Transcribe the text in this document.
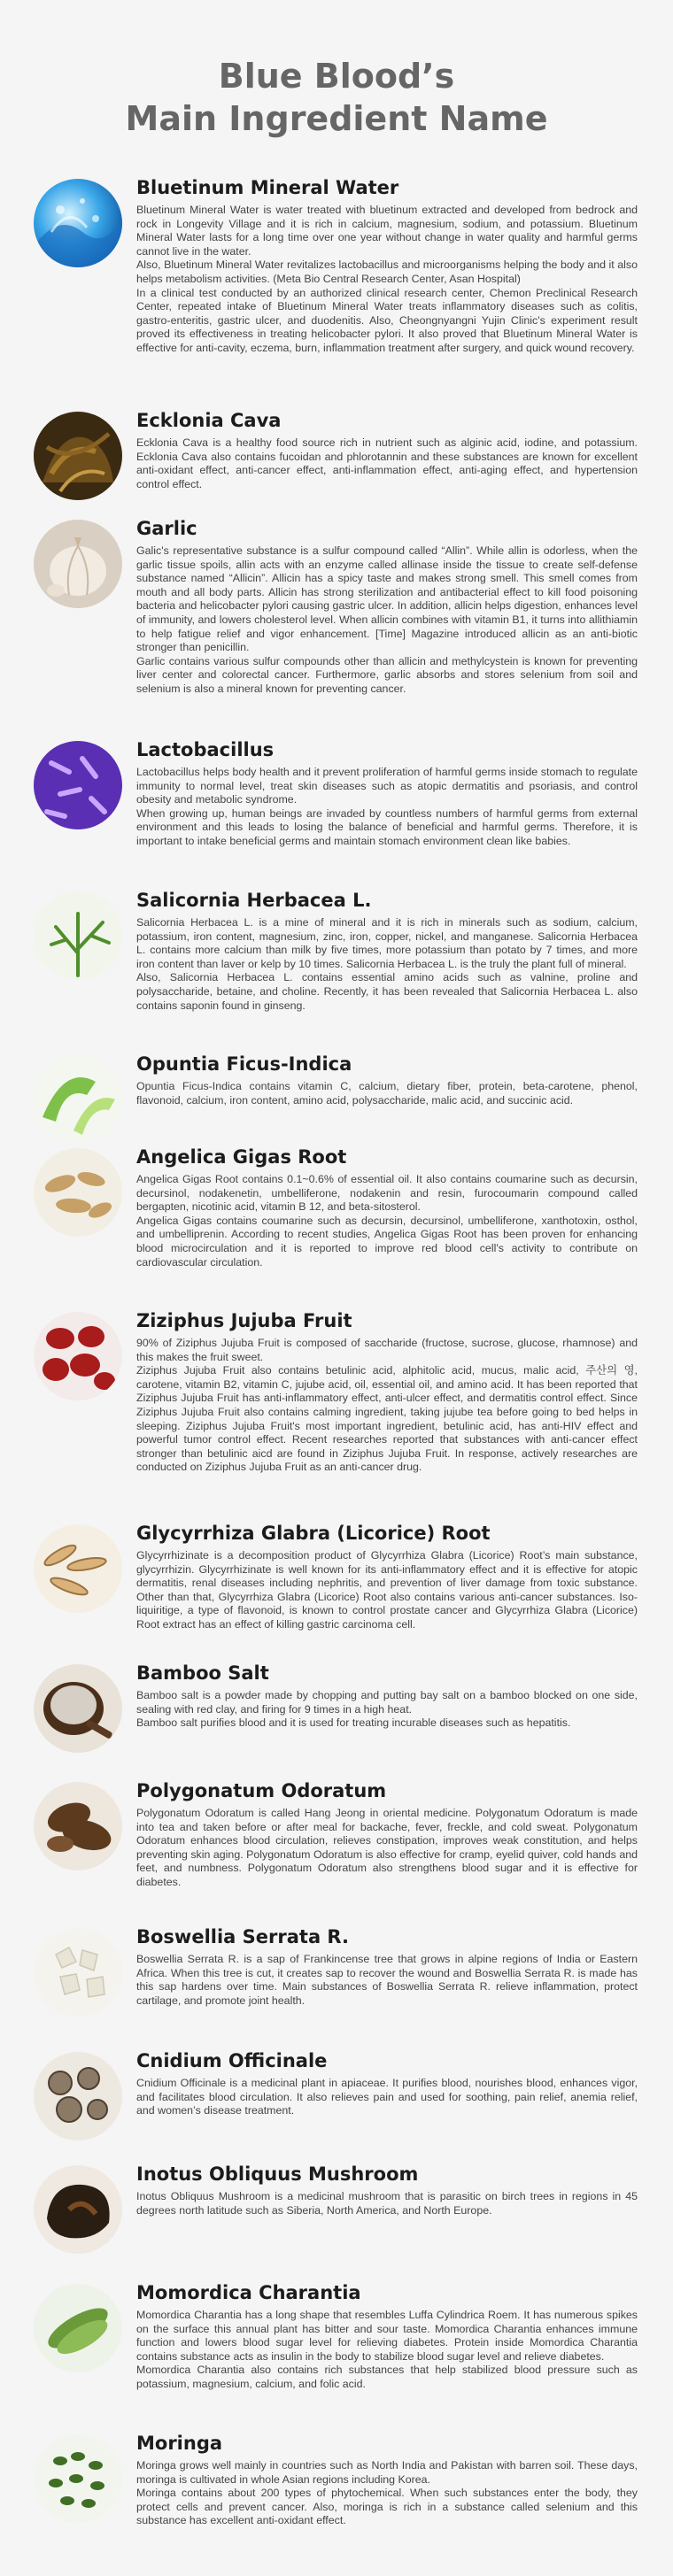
Blue Blood’s
Main Ingredient Name
Bluetinum Mineral Water

Bluetinum Mineral Water is water treated with bluetinum extracted and developed from bedrock and rock in Longevity Village and it is rich in calcium, magnesium, sodium, and potassium. Bluetinum Mineral Water lasts for a long time over one year without change in water quality and harmful germs cannot live in the water.
Also, Bluetinum Mineral Water revitalizes lactobacillus and microorganisms helping the body and it also helps metabolism activities. (Meta Bio Central Research Center, Asan Hospital)
In a clinical test conducted by an authorized clinical research center, Chemon Preclinical Research Center, repeated intake of Bluetinum Mineral Water treats inflammatory diseases such as colitis, gastro-enteritis, gastric ulcer, and duodenitis. Also, Cheongnyangni Yujin Clinic's experiment result proved its effectiveness in treating helicobacter pylori. It also proved that Bluetinum Mineral Water is effective for anti-cavity, eczema, burn, inflammation treatment after surgery, and quick wound recovery.

Ecklonia Cava

Ecklonia Cava is a healthy food source rich in nutrient such as alginic acid, iodine, and potassium. Ecklonia Cava also contains fucoidan and phlorotannin and these substances are known for excellent anti-oxidant effect, anti-cancer effect, anti-inflammation effect, anti-aging effect, and hypertension control effect.

Garlic

Galic's representative substance is a sulfur compound called “Allin”. While allin is odorless, when the garlic tissue spoils, allin acts with an enzyme called allinase inside the tissue to create self-defense substance named “Allicin”. Allicin has a spicy taste and makes strong smell. This smell comes from mouth and all body parts. Allicin has strong sterilization and antibacterial effect to kill food poisoning bacteria and helicobacter pylori causing gastric ulcer. In addition, allicin helps digestion, enhances level of immunity, and lowers cholesterol level. When allicin combines with vitamin B1, it turns into allithiamin to help fatigue relief and vigor enhancement. [Time] Magazine introduced allicin as an anti-biotic stronger than penicillin.
Garlic contains various sulfur compounds other than allicin and methylcystein is known for preventing liver center and colorectal cancer. Furthermore, garlic absorbs and stores selenium from soil and selenium is also a mineral known for preventing cancer.

Lactobacillus

Lactobacillus helps body health and it prevent proliferation of harmful germs inside stomach to regulate immunity to normal level, treat skin diseases such as atopic dermatitis and psoriasis, and control obesity and metabolic syndrome.
When growing up, human beings are invaded by countless numbers of harmful germs from external environment and this leads to losing the balance of beneficial and harmful germs. Therefore, it is important to intake beneficial germs and maintain stomach environment clean like babies.

Salicornia Herbacea L.

Salicornia Herbacea L. is a mine of mineral and it is rich in minerals such as sodium, calcium, potassium, iron content, magnesium, zinc, iron, copper, nickel, and manganese. Salicornia Herbacea L. contains more calcium than milk by five times, more potassium than potato by 7 times, and more iron content than laver or kelp by 10 times. Salicornia Herbacea L. is the truly the plant full of mineral.
Also, Salicornia Herbacea L. contains essential amino acids such as valnine, proline and polysaccharide, betaine, and choline. Recently, it has been revealed that Salicornia Herbacea L. also contains saponin found in ginseng.

Opuntia Ficus-Indica

Opuntia Ficus-Indica contains vitamin C, calcium, dietary fiber, protein, beta-carotene, phenol, flavonoid, calcium, iron content, amino acid, polysaccharide, malic acid, and succinic acid.

Angelica Gigas Root

Angelica Gigas Root contains 0.1~0.6% of essential oil. It also contains coumarine such as decursin, decursinol, nodakenetin, umbelliferone, nodakenin and resin, furocoumarin compound called bergapten, nicotinic acid, vitamin B 12, and beta-sitosterol.
Angelica Gigas contains coumarine such as decursin, decursinol, umbelliferone, xanthotoxin, osthol, and umbelliprenin. According to recent studies, Angelica Gigas Root has been proven for enhancing blood microcirculation and it is reported to improve red blood cell's activity to contribute on cardiovascular circulation.

Ziziphus Jujuba Fruit

90% of Ziziphus Jujuba Fruit is composed of saccharide (fructose, sucrose, glucose, rhamnose) and this makes the fruit sweet.
Ziziphus Jujuba Fruit also contains betulinic acid, alphitolic acid, mucus, malic acid, 주산의 영, carotene, vitamin B2, vitamin C, jujube acid, oil, essential oil, and amino acid. It has been reported that Ziziphus Jujuba Fruit has anti-inflammatory effect, anti-ulcer effect, and dermatitis control effect. Since Ziziphus Jujuba Fruit also contains calming ingredient, taking jujube tea before going to bed helps in sleeping. Ziziphus Jujuba Fruit's most important ingredient, betulinic acid, has anti-HIV effect and powerful tumor control effect. Recent researches reported that substances with anti-cancer effect stronger than betulinic aicd are found in Ziziphus Jujuba Fruit. In response, actively researches are conducted on Ziziphus Jujuba Fruit as an anti-cancer drug.

Glycyrrhiza Glabra (Licorice) Root

Glycyrrhizinate is a decomposition product of Glycyrrhiza Glabra (Licorice) Root’s main substance, glycyrrhizin. Glycyrrhizinate is well known for its anti-inflammatory effect and it is effective for atopic dermatitis, renal diseases including nephritis, and prevention of liver damage from toxic substance. Other than that, Glycyrrhiza Glabra (Licorice) Root also contains various anti-cancer substances. Iso-liquiritige, a type of flavonoid, is known to control prostate cancer and Glycyrrhiza Glabra (Licorice) Root extract has an effect of killing gastric carcinoma cell.

Bamboo Salt

Bamboo salt is a powder made by chopping and putting bay salt on a bamboo blocked on one side, sealing with red clay, and firing for 9 times in a high heat.
Bamboo salt purifies blood and it is used for treating incurable diseases such as hepatitis.

Polygonatum Odoratum

Polygonatum Odoratum is called Hang Jeong in oriental medicine. Polygonatum Odoratum is made into tea and taken before or after meal for backache, fever, freckle, and cold sweat. Polygonatum Odoratum enhances blood circulation, relieves constipation, improves weak constitution, and helps preventing skin aging. Polygonatum Odoratum is also effective for cramp, eyelid quiver, cold hands and feet, and numbness. Polygonatum Odoratum also strengthens blood sugar and it is effective for diabetes.

Boswellia Serrata R.

Boswellia Serrata R. is a sap of Frankincense tree that grows in alpine regions of India or Eastern Africa. When this tree is cut, it creates sap to recover the wound and Boswellia Serrata R. is made has this sap hardens over time. Main substances of Boswellia Serrata R. relieve inflammation, protect cartilage, and promote joint health.

Cnidium Officinale

Cnidium Officinale is a medicinal plant in apiaceae. It purifies blood, nourishes blood, enhances vigor, and facilitates blood circulation. It also relieves pain and used for soothing, pain relief, anemia relief, and women’s disease treatment.

Inotus Obliquus Mushroom

Inotus Obliquus Mushroom is a medicinal mushroom that is parasitic on birch trees in regions in 45 degrees north latitude such as Siberia, North America, and North Europe.

Momordica Charantia

Momordica Charantia has a long shape that resembles Luffa Cylindrica Roem. It has numerous spikes on the surface this annual plant has bitter and sour taste. Momordica Charantia enhances immune function and lowers blood sugar level for relieving diabetes. Protein inside Momordica Charantia contains substance acts as insulin in the body to stabilize blood sugar level and relieve diabetes.
Momordica Charantia also contains rich substances that help stabilized blood pressure such as potassium, magnesium, calcium, and folic acid.

Moringa

Moringa grows well mainly in countries such as North India and Pakistan with barren soil. These days, moringa is cultivated in whole Asian regions including Korea.
Moringa contains about 200 types of phytochemical. When such substances enter the body, they protect cells and prevent cancer. Also, moringa is rich in a substance called selenium and this substance has excellent anti-oxidant effect.
